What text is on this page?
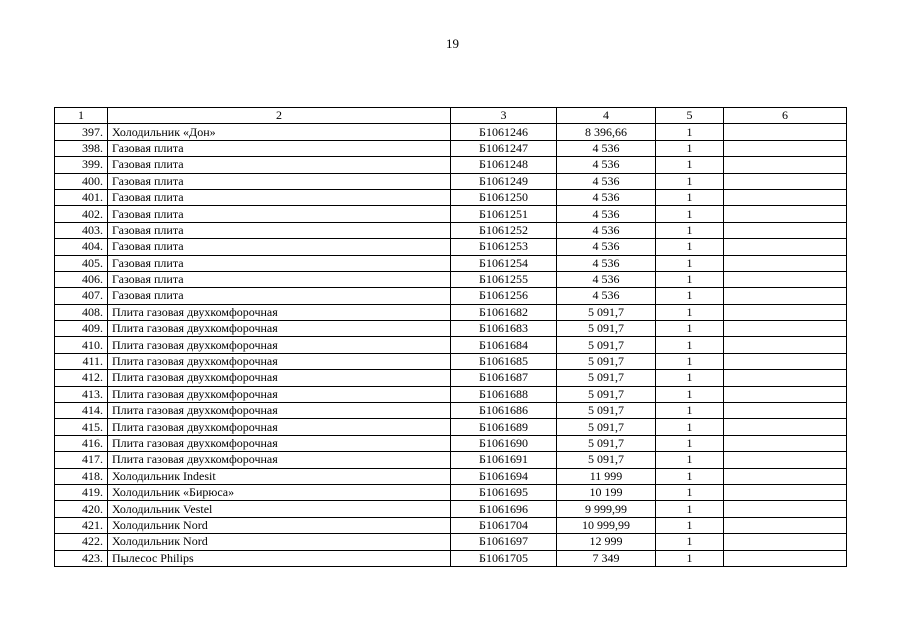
19
1	2	3	4	5	6
397.	Холодильник «Дон»	Б1061246	8 396,66	1	
398.	Газовая плита	Б1061247	4 536	1	
399.	Газовая плита	Б1061248	4 536	1	
400.	Газовая плита	Б1061249	4 536	1	
401.	Газовая плита	Б1061250	4 536	1	
402.	Газовая плита	Б1061251	4 536	1	
403.	Газовая плита	Б1061252	4 536	1	
404.	Газовая плита	Б1061253	4 536	1	
405.	Газовая плита	Б1061254	4 536	1	
406.	Газовая плита	Б1061255	4 536	1	
407.	Газовая плита	Б1061256	4 536	1	
408.	Плита газовая двухкомфорочная	Б1061682	5 091,7	1	
409.	Плита газовая двухкомфорочная	Б1061683	5 091,7	1	
410.	Плита газовая двухкомфорочная	Б1061684	5 091,7	1	
411.	Плита газовая двухкомфорочная	Б1061685	5 091,7	1	
412.	Плита газовая двухкомфорочная	Б1061687	5 091,7	1	
413.	Плита газовая двухкомфорочная	Б1061688	5 091,7	1	
414.	Плита газовая двухкомфорочная	Б1061686	5 091,7	1	
415.	Плита газовая двухкомфорочная	Б1061689	5 091,7	1	
416.	Плита газовая двухкомфорочная	Б1061690	5 091,7	1	
417.	Плита газовая двухкомфорочная	Б1061691	5 091,7	1	
418.	Холодильник Indesit	Б1061694	11 999	1	
419.	Холодильник «Бирюса»	Б1061695	10 199	1	
420.	Холодильник Vestel	Б1061696	9 999,99	1	
421.	Холодильник Nord	Б1061704	10 999,99	1	
422.	Холодильник Nord	Б1061697	12 999	1	
423.	Пылесос Philips	Б1061705	7 349	1	
